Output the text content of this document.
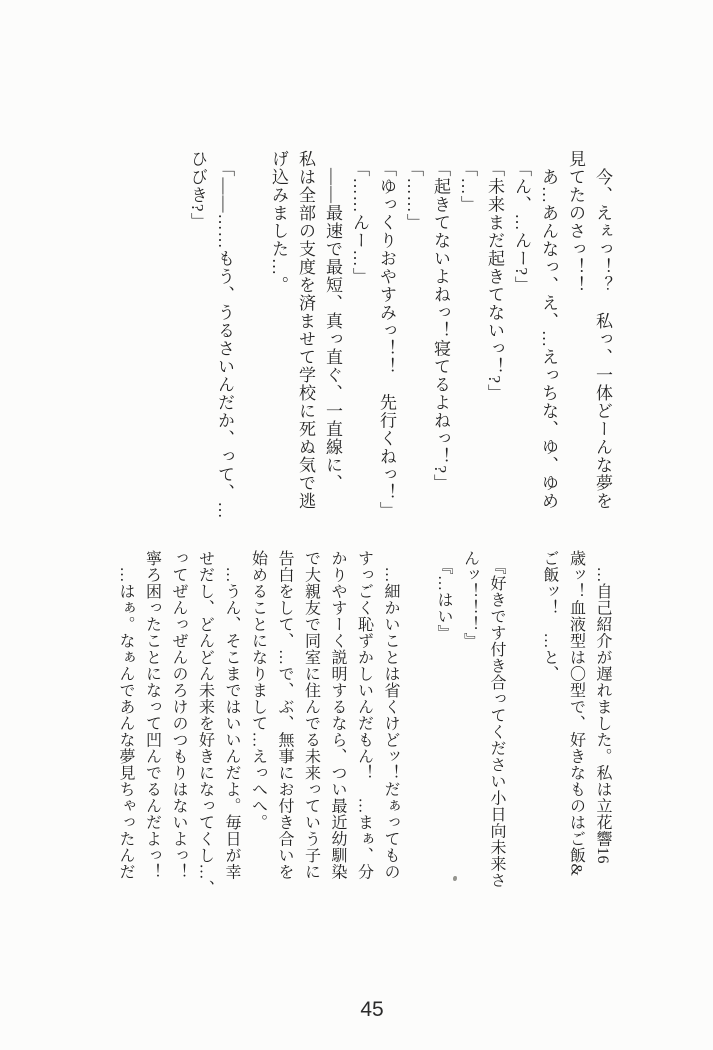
　今、えぇっ！？　私っ、一体どーんな夢を

見てたのさっ！！

　あ…あんなっ、え、…えっちな、ゆ、ゆめ

　「ん、…んー?」

　「未来まだ起きてないっ！?」

　「…」

　「起きてないよねっ！寝てるよねっ！?」

　「……」

　「ゆっくりおやすみっ！！　先行くねっ！」

　「……んー…」

　――最速で最短、真っ直ぐ、一直線に、

私は全部の支度を済ませて学校に死ぬ気で逃

げ込みました…。

　「――……もう、うるさいんだか、って、…

ひびき?」

　…自己紹介が遅れました。私は立花響16

歳ッ！血液型は〇型で、好きなものはご飯&

ご飯ッ！　…と、

　『好きです付き合ってください小日向未来さ

んッ！！！』

　『…はい』

　…細かいことは省くけどッ！だぁってもの

すっごく恥ずかしいんだもん！　…まぁ、分

かりやすーく説明するなら、つい最近幼馴染

で大親友で同室に住んでる未来っていう子に

告白をして、…で、ぶ、無事にお付き合いを

始めることになりまして…えっへへ。

　…うん、そこまではいいんだよ。毎日が幸

せだし、どんどん未来を好きになってくし…、

ってぜんっぜんのろけのつもりはないよっ！

寧ろ困ったことになって凹んでるんだよっ！

　…はぁ。なぁんであんな夢見ちゃったんだ

45
